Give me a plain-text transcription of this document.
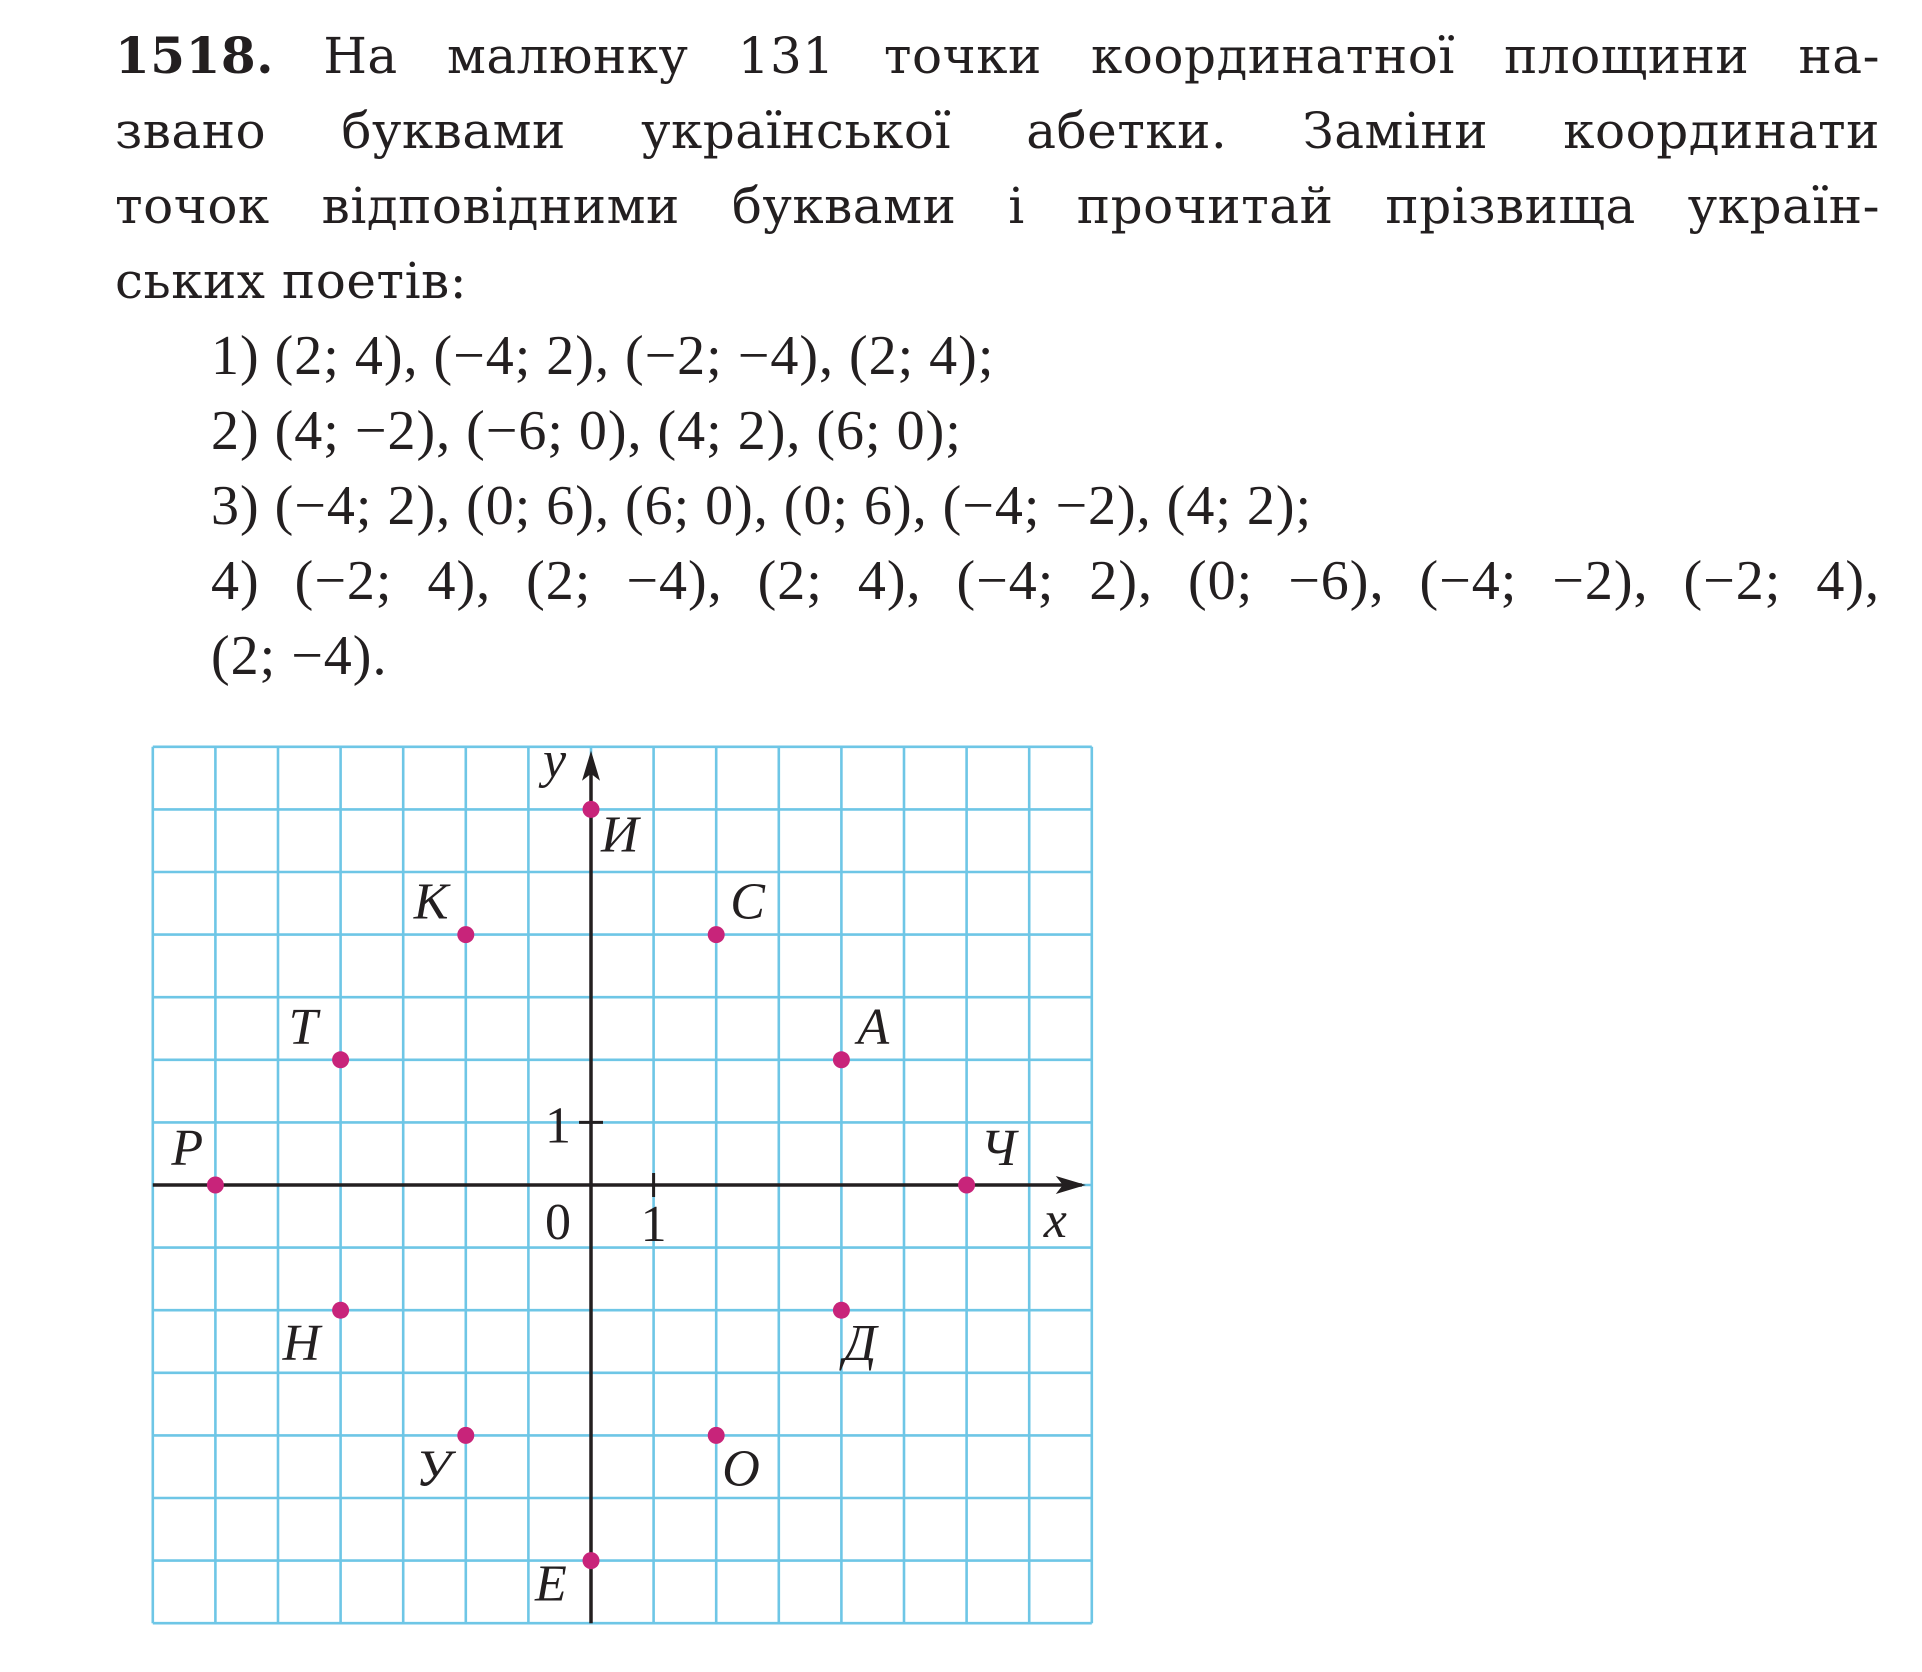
1518. На малюнку 131 точки координатної площини на-
звано буквами української абетки. Заміни координати
точок відповідними буквами і прочитай прізвища україн-
ських поетів:
1) (2; 4), (−4; 2), (−2; −4), (2; 4);
2) (4; −2), (−6; 0), (4; 2), (6; 0);
3) (−4; 2), (0; 6), (6; 0), (0; 6), (−4; −2), (4; 2);
4) (−2; 4), (2; −4), (2; 4), (−4; 2), (0; −6), (−4; −2), (−2; 4),
(2; −4).
x
y
0 1
1
И
К	С
Т	А
Р	Ч
Н	Д
У	О
Е
